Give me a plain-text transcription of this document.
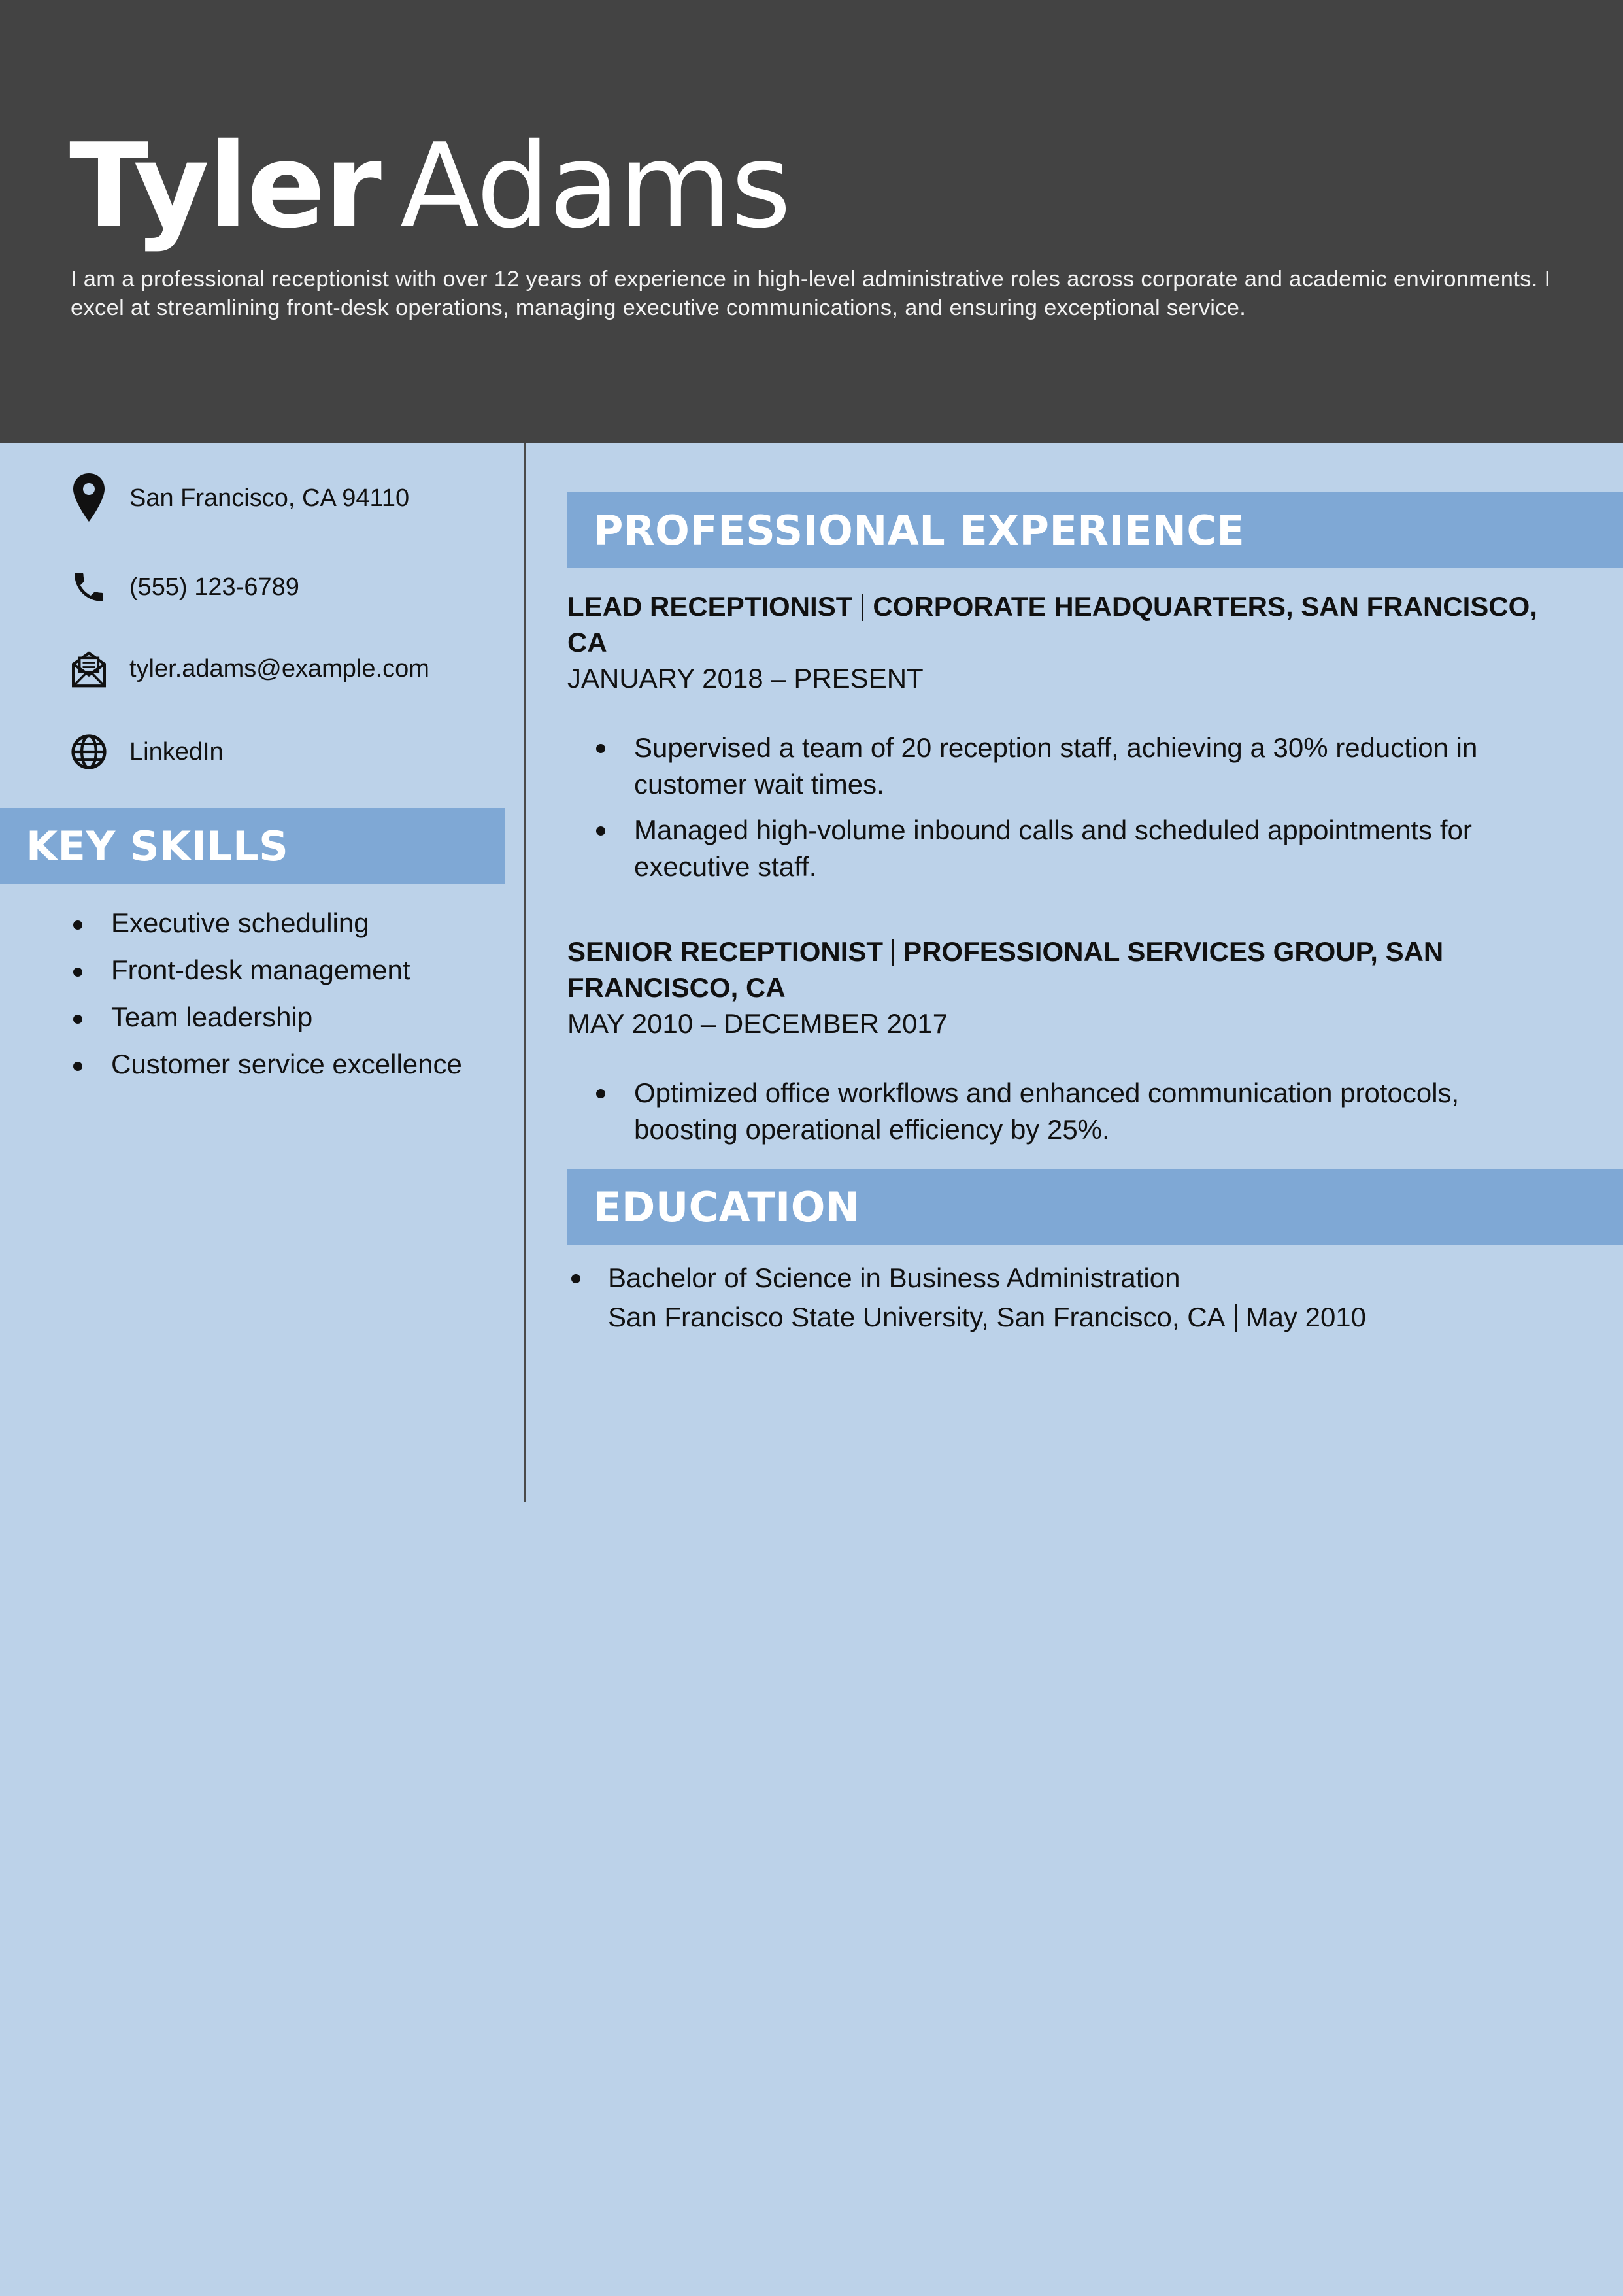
Tyler Adams
I am a professional receptionist with over 12 years of experience in high-level administrative roles across corporate and academic environments. I excel at streamlining front-desk operations, managing executive communications, and ensuring exceptional service.
San Francisco, CA 94110
(555) 123-6789
tyler.adams@example.com
LinkedIn
KEY SKILLS
Executive scheduling
Front-desk management
Team leadership
Customer service excellence
PROFESSIONAL EXPERIENCE
LEAD RECEPTIONIST CORPORATE HEADQUARTERS, SAN FRANCISCO, CA
JANUARY 2018 – PRESENT
Supervised a team of 20 reception staff, achieving a 30% reduction in customer wait times.
Managed high-volume inbound calls and scheduled appointments for executive staff.
SENIOR RECEPTIONIST PROFESSIONAL SERVICES GROUP, SAN FRANCISCO, CA
MAY 2010 – DECEMBER 2017
Optimized office workflows and enhanced communication protocols, boosting operational efficiency by 25%.
EDUCATION
Bachelor of Science in Business Administration
San Francisco State University, San Francisco, CA May 2010
